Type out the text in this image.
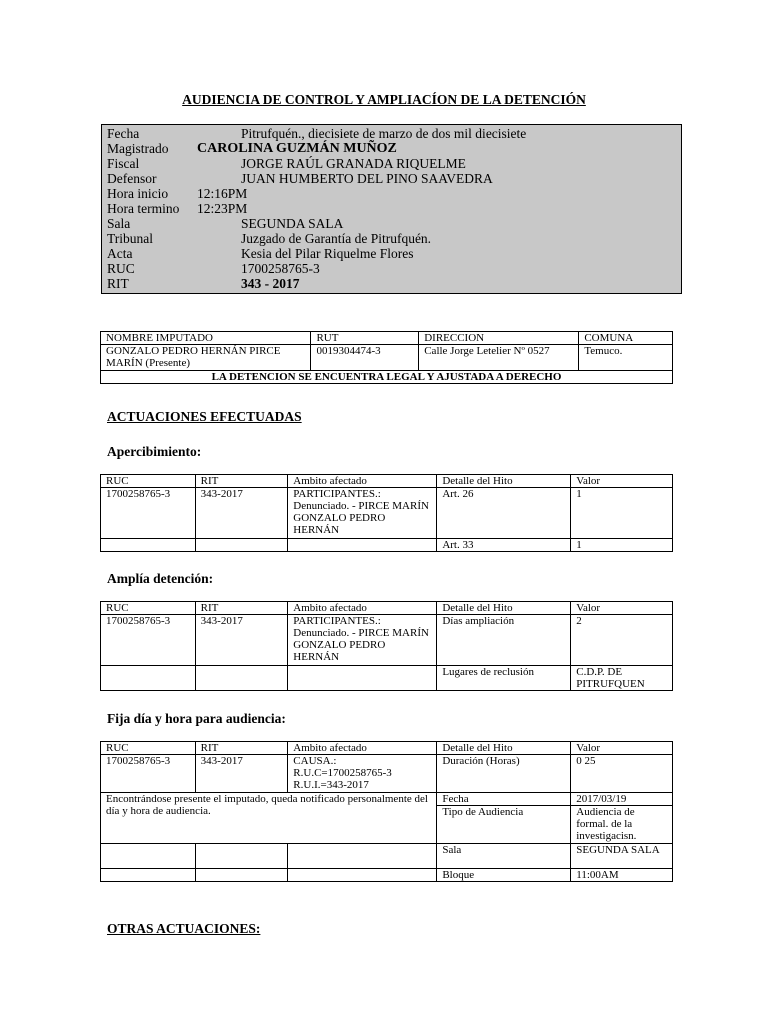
AUDIENCIA DE CONTROL Y AMPLIACÍON DE LA DETENCIÓN
Fecha	Pitrufquén., diecisiete de marzo de dos mil diecisiete
Magistrado CAROLINA GUZMÁN MUÑOZ
Fiscal	JORGE RAÚL GRANADA RIQUELME
Defensor	JUAN HUMBERTO DEL PINO SAAVEDRA
Hora inicio 12:16PM
Hora termino 12:23PM
Sala	SEGUNDA SALA
Tribunal	Juzgado de Garantía de Pitrufquén.
Acta	Kesia del Pilar Riquelme Flores
RUC	1700258765-3
RIT	343 - 2017
NOMBRE IMPUTADO	RUT	DIRECCION	COMUNA
GONZALO PEDRO HERNÁN PIRCE MARÍN (Presente)	0019304474-3	Calle Jorge Letelier Nº 0527	Temuco.
LA DETENCION SE ENCUENTRA LEGAL Y AJUSTADA A DERECHO			
ACTUACIONES EFECTUADAS
Apercibimiento:
RUC	RIT	Ambito afectado	Detalle del Hito	Valor
1700258765-3	343-2017	PARTICIPANTES.: Denunciado. - PIRCE MARÍN GONZALO PEDRO HERNÁN	Art. 26	1
			Art. 33	1
Amplía detención:
RUC	RIT	Ambito afectado	Detalle del Hito	Valor
1700258765-3	343-2017	PARTICIPANTES.: Denunciado. - PIRCE MARÍN GONZALO PEDRO HERNÁN	Días ampliación	2
			Lugares de reclusión	C.D.P. DE PITRUFQUEN
Fija día y hora para audiencia:
RUC	RIT	Ambito afectado	Detalle del Hito	Valor
1700258765-3	343-2017	CAUSA.: R.U.C=1700258765-3 R.U.I.=343-2017	Duración (Horas)	0 25
Encontrándose presente el imputado, queda notificado personalmente del día y hora de audiencia.			Fecha	2017/03/19
			Tipo de Audiencia	Audiencia de formal. de la investigacisn.
			Sala	SEGUNDA SALA
			Bloque	11:00AM
OTRAS ACTUACIONES:
